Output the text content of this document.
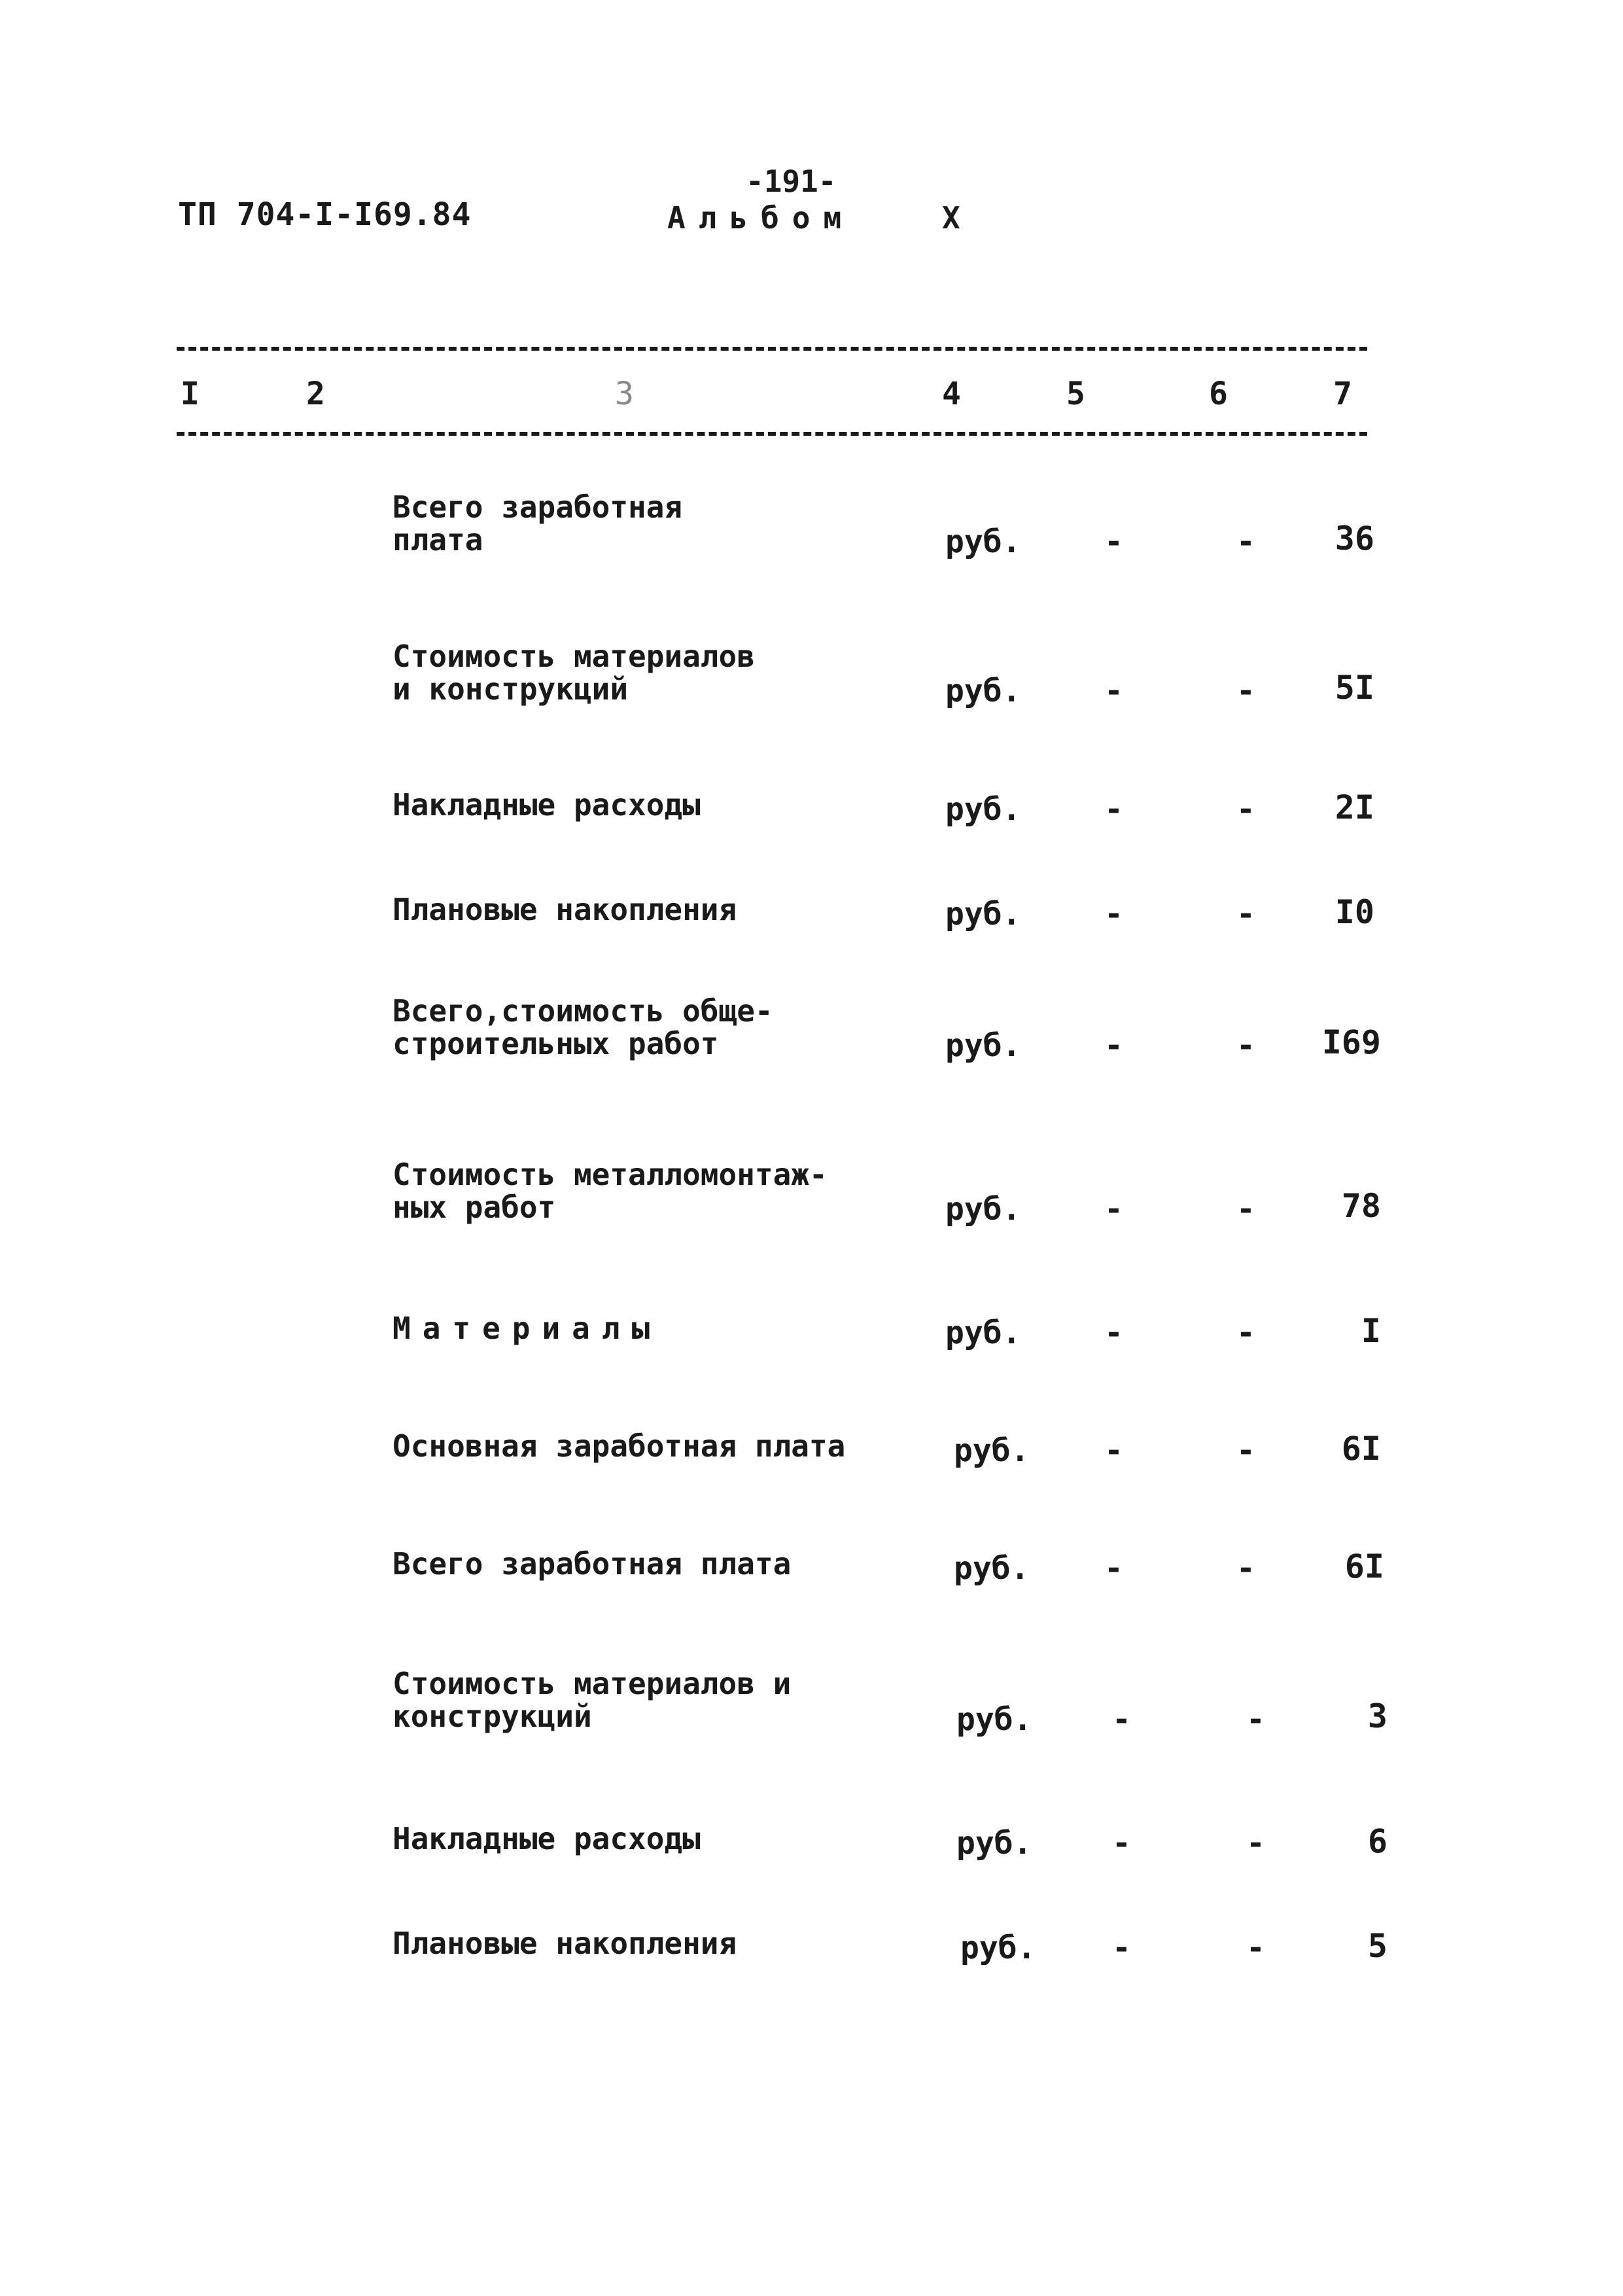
ТП 704-I-I69.84
-191-
Альбом	X
I	2	3	4	5	6	7
Всего заработная
плата	руб.	-	- 36
Стоимость материалов
и конструкций	руб.	-	- 5I
Накладные расходы	руб.	-	- 2I
Плановые накопления	руб.	-	- I0
Всего,стоимость обще-
строительных работ	руб.	-	- I69
Стоимость металломонтаж-
ных работ	руб.	-	-	78
Материалы	руб.	-	-	I
Основная заработная плата	руб. -	-	6I
Всего заработная плата	руб. -	-	6I
Стоимость материалов и
конструкций	руб.	-	-	3
Накладные расходы	руб.	-	-	6
Плановые накопления	руб. -	-	5
